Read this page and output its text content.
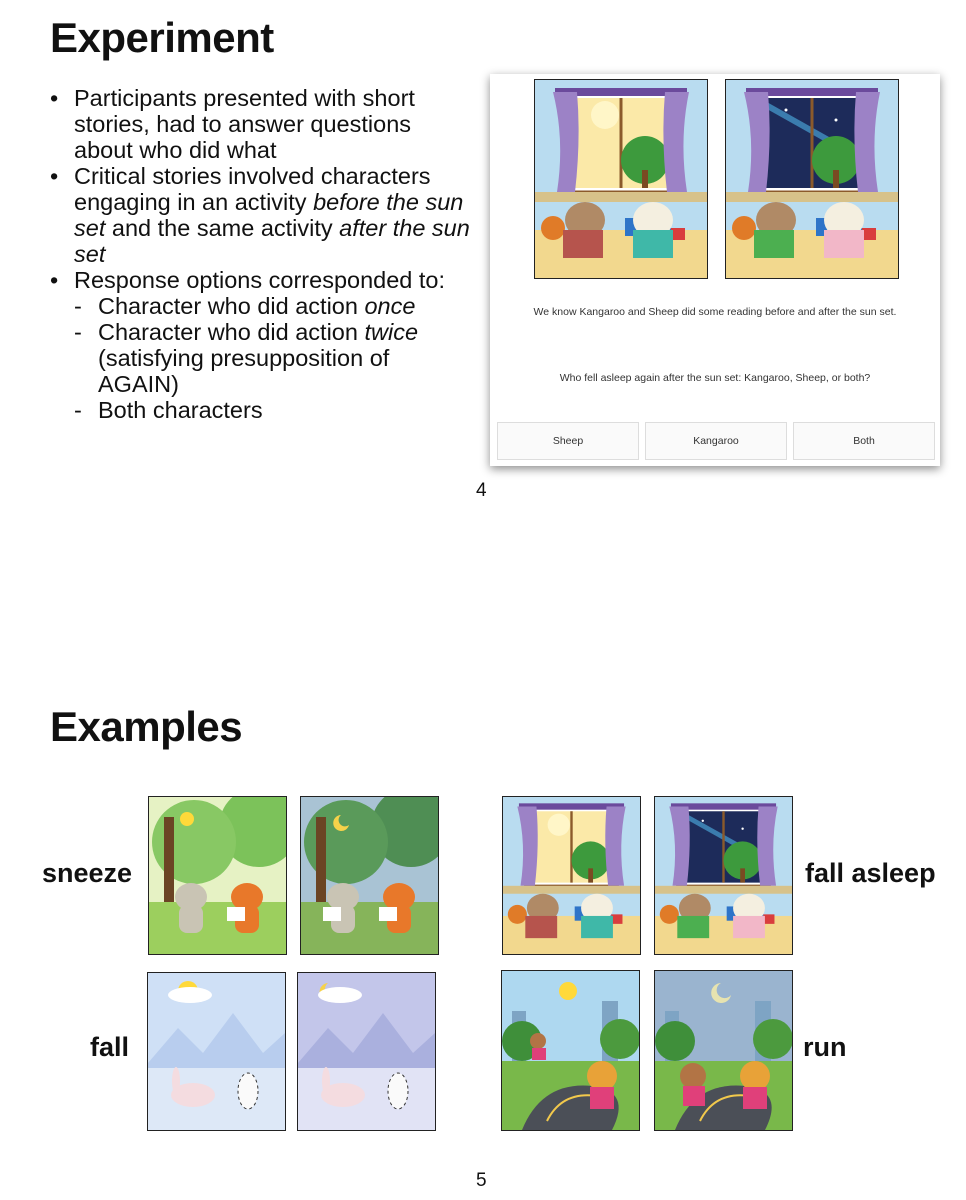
Experiment
• Participants presented with short stories, had to answer questions about who did what
• Critical stories involved characters engaging in an activity before the sun set and the same activity after the sun set
• Response options corresponded to:
- Character who did action once
- Character who did action twice (satisfying presupposition of AGAIN)
- Both characters
We know Kangaroo and Sheep did some reading before and after the sun set.
Who fell asleep again after the sun set: Kangaroo, Sheep, or both?
Sheep	Kangaroo	Both
4
Examples
sneeze	fall asleep
fall	run
5
